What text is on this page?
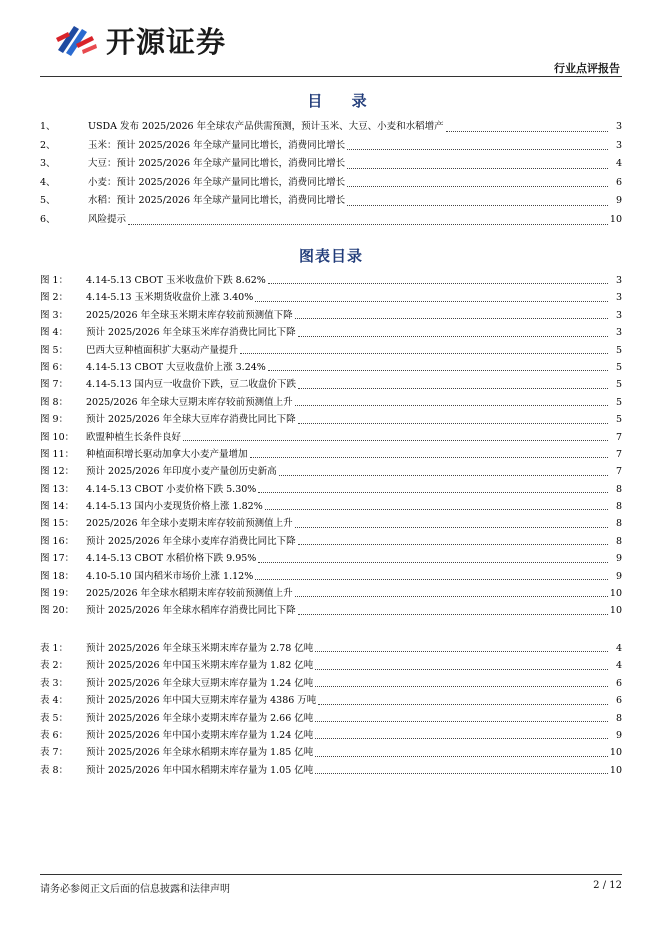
开源证券
行业点评报告
目 录
1、	USDA 发布 2025/2026 年全球农产品供需预测，预计玉米、大豆、小麦和水稻增产	3
2、	玉米：预计 2025/2026 年全球产量同比增长，消费同比增长	3
3、	大豆：预计 2025/2026 年全球产量同比增长，消费同比增长	4
4、	小麦：预计 2025/2026 年全球产量同比增长，消费同比增长	6
5、	水稻：预计 2025/2026 年全球产量同比增长，消费同比增长	9
6、	风险提示	10
图表目录
图 1：	4.14-5.13 CBOT 玉米收盘价下跌 8.62%	3
图 2：	4.14-5.13 玉米期货收盘价上涨 3.40%	3
图 3：	2025/2026 年全球玉米期末库存较前预测值下降	3
图 4：	预计 2025/2026 年全球玉米库存消费比同比下降	3
图 5：	巴西大豆种植面积扩大驱动产量提升	5
图 6：	4.14-5.13 CBOT 大豆收盘价上涨 3.24%	5
图 7：	4.14-5.13 国内豆一收盘价下跌，豆二收盘价下跌	5
图 8：	2025/2026 年全球大豆期末库存较前预测值上升	5
图 9：	预计 2025/2026 年全球大豆库存消费比同比下降	5
图 10：	欧盟种植生长条件良好	7
图 11：	种植面积增长驱动加拿大小麦产量增加	7
图 12：	预计 2025/2026 年印度小麦产量创历史新高	7
图 13：	4.14-5.13 CBOT 小麦价格下跌 5.30%	8
图 14：	4.14-5.13 国内小麦现货价格上涨 1.82%	8
图 15：	2025/2026 年全球小麦期末库存较前预测值上升	8
图 16：	预计 2025/2026 年全球小麦库存消费比同比下降	8
图 17：	4.14-5.13 CBOT 水稻价格下跌 9.95%	9
图 18：	4.10-5.10 国内稻米市场价上涨 1.12%	9
图 19：	2025/2026 年全球水稻期末库存较前预测值上升	10
图 20：	预计 2025/2026 年全球水稻库存消费比同比下降	10
表 1：	预计 2025/2026 年全球玉米期末库存量为 2.78 亿吨	4
表 2：	预计 2025/2026 年中国玉米期末库存量为 1.82 亿吨	4
表 3：	预计 2025/2026 年全球大豆期末库存量为 1.24 亿吨	6
表 4：	预计 2025/2026 年中国大豆期末库存量为 4386 万吨	6
表 5：	预计 2025/2026 年全球小麦期末库存量为 2.66 亿吨	8
表 6：	预计 2025/2026 年中国小麦期末库存量为 1.24 亿吨	9
表 7：	预计 2025/2026 年全球水稻期末库存量为 1.85 亿吨	10
表 8：	预计 2025/2026 年中国水稻期末库存量为 1.05 亿吨	10
请务必参阅正文后面的信息披露和法律声明	2 / 12
